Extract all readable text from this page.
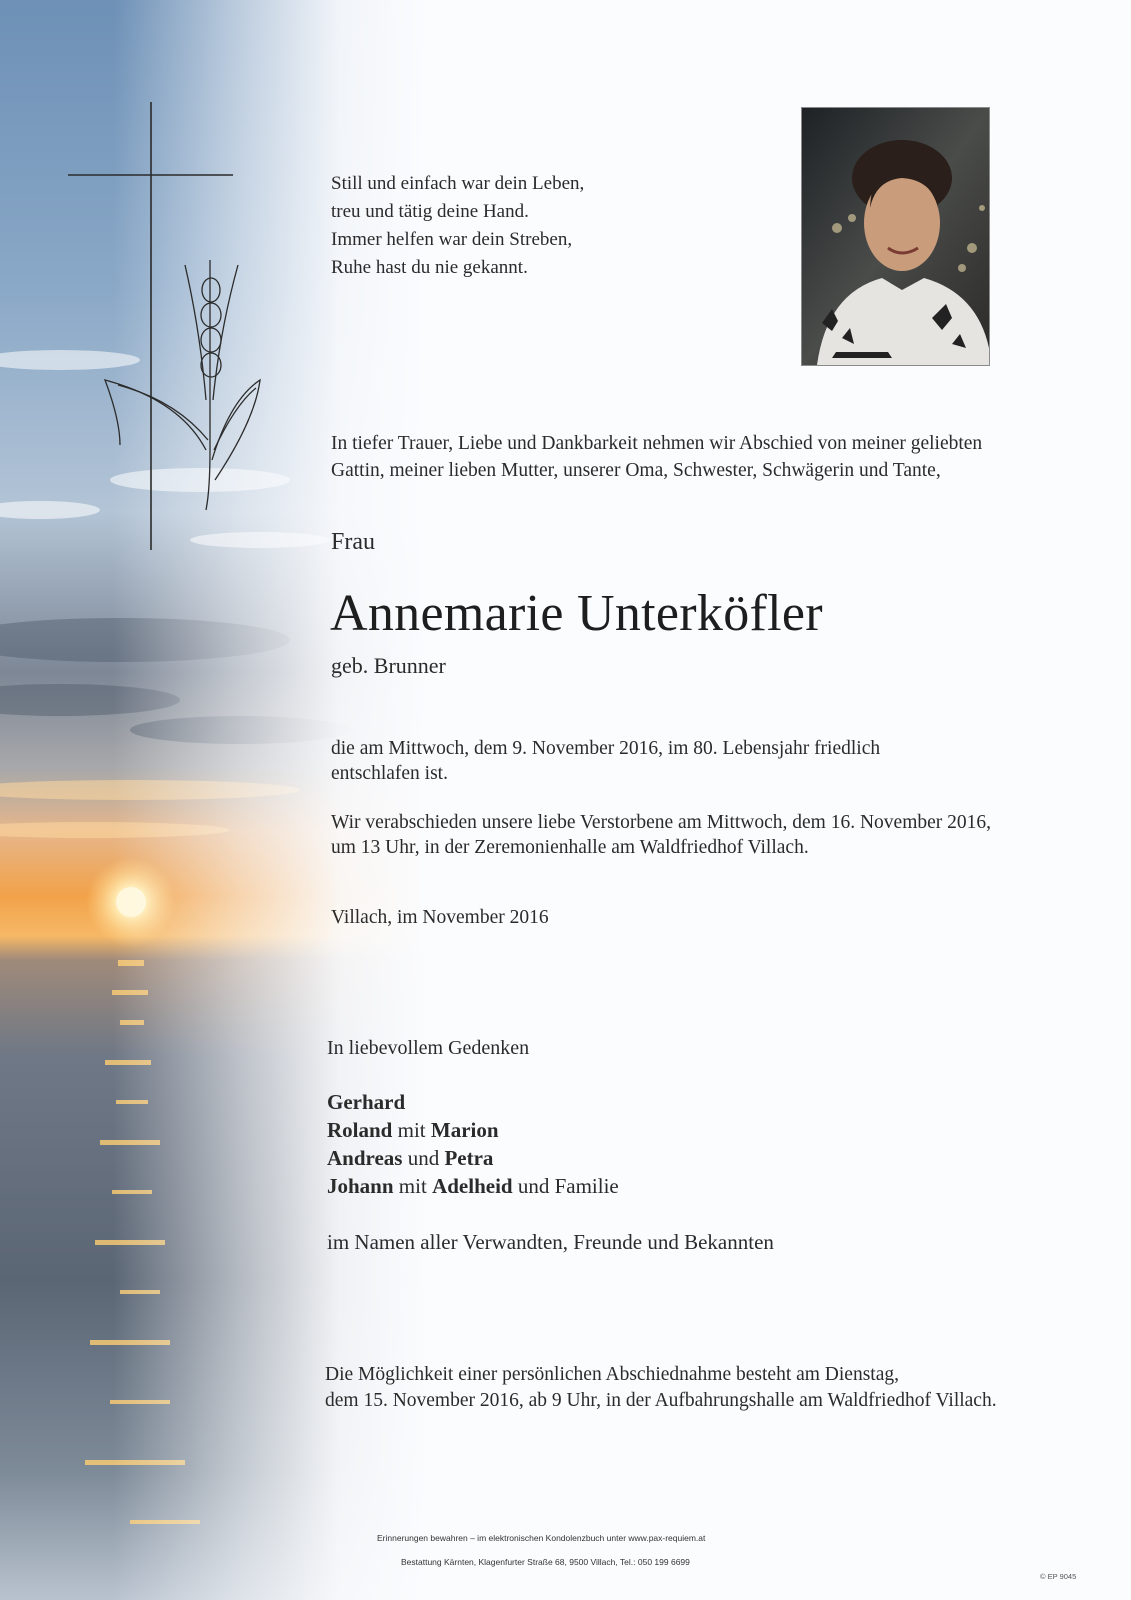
Still und einfach war dein Leben,
treu und tätig deine Hand.
Immer helfen war dein Streben,
Ruhe hast du nie gekannt.
In tiefer Trauer, Liebe und Dankbarkeit nehmen wir Abschied von meiner geliebten
Gattin, meiner lieben Mutter, unserer Oma, Schwester, Schwägerin und Tante,
Frau
Annemarie Unterköfler
geb. Brunner
die am Mittwoch, dem 9. November 2016, im 80. Lebensjahr friedlich
entschlafen ist.
Wir verabschieden unsere liebe Verstorbene am Mittwoch, dem 16. November 2016,
um 13 Uhr, in der Zeremonienhalle am Waldfriedhof Villach.
Villach, im November 2016
In liebevollem Gedenken
Gerhard
Roland mit Marion
Andreas und Petra
Johann mit Adelheid und Familie
im Namen aller Verwandten, Freunde und Bekannten
Die Möglichkeit einer persönlichen Abschiednahme besteht am Dienstag,
dem 15. November 2016, ab 9 Uhr, in der Aufbahrungshalle am Waldfriedhof Villach.
Erinnerungen bewahren – im elektronischen Kondolenzbuch unter www.pax-requiem.at
Bestattung Kärnten, Klagenfurter Straße 68, 9500 Villach, Tel.: 050 199 6699
© EP 9045
